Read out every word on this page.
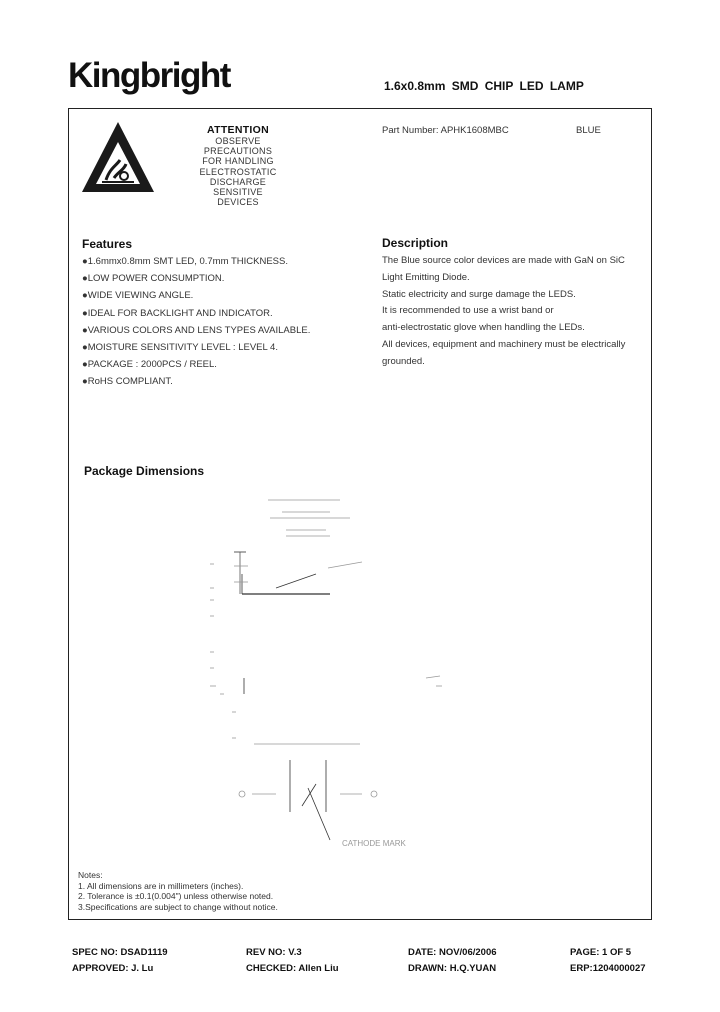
Kingbright	1.6x0.8mm SMD CHIP LED LAMP
ATTENTION
OBSERVE PRECAUTIONS
FOR HANDLING
ELECTROSTATIC
DISCHARGE
SENSITIVE
DEVICES
Part Number: APHK1608MBC	BLUE
Features
●1.6mmx0.8mm SMT LED, 0.7mm THICKNESS.
●LOW POWER CONSUMPTION.
●WIDE VIEWING ANGLE.
●IDEAL FOR BACKLIGHT AND INDICATOR.
●VARIOUS COLORS AND LENS TYPES AVAILABLE.
●MOISTURE SENSITIVITY LEVEL : LEVEL 4.
●PACKAGE : 2000PCS / REEL.
●RoHS COMPLIANT.
Description
The Blue source color devices are made with GaN on SiC
Light Emitting Diode.
Static electricity and surge damage the LEDS.
It is recommended to use a wrist band or
anti-electrostatic glove when handling the LEDs.
All devices, equipment and machinery must be electrically
grounded.
Package Dimensions
CATHODE MARK
Notes:
1. All dimensions are in millimeters (inches).
2. Tolerance is ±0.1(0.004") unless otherwise noted.
3.Specifications are subject to change without notice.
SPEC NO: DSAD1119	REV NO: V.3	DATE: NOV/06/2006	PAGE: 1 OF 5
APPROVED: J. Lu	CHECKED: Allen Liu	DRAWN: H.Q.YUAN	ERP:1204000027
